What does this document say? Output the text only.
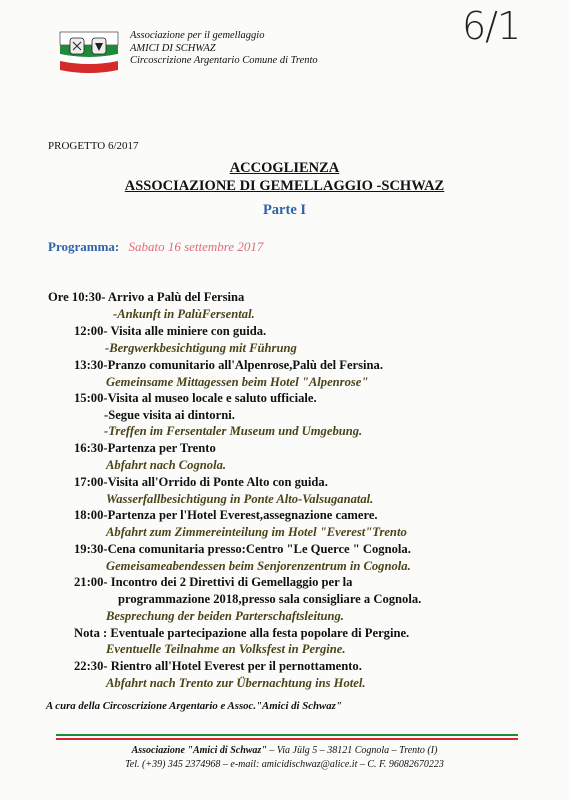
Associazione per il gemellaggio
AMICI DI SCHWAZ
Circoscrizione Argentario Comune di Trento
6/1
PROGETTO 6/2017
ACCOGLIENZA
ASSOCIAZIONE DI GEMELLAGGIO -SCHWAZ
Parte I
Programma: Sabato 16 settembre 2017
Ore 10:30- Arrivo a Palù del Fersina
-Ankunft in PalùFersental.
12:00- Visita alle miniere con guida.
-Bergwerkbesichtigung mit Führung
13:30-Pranzo comunitario all'Alpenrose,Palù del Fersina.
Gemeinsame Mittagessen beim Hotel "Alpenrose"
15:00-Visita al museo locale e saluto ufficiale.
-Segue visita ai dintorni.
-Treffen im Fersentaler Museum und Umgebung.
16:30-Partenza per Trento
Abfahrt nach Cognola.
17:00-Visita all'Orrido di Ponte Alto con guida.
Wasserfallbesichtigung in Ponte Alto-Valsuganatal.
18:00-Partenza per l'Hotel Everest,assegnazione camere.
Abfahrt zum Zimmereinteilung im Hotel "Everest"Trento
19:30-Cena comunitaria presso:Centro "Le Querce " Cognola.
Gemeisameabendessen beim Senjorenzentrum in Cognola.
21:00- Incontro dei 2 Direttivi di Gemellaggio per la
programmazione 2018,presso sala consigliare a Cognola.
Besprechung der beiden Parterschaftsleitung.
Nota : Eventuale partecipazione alla festa popolare di Pergine.
Eventuelle Teilnahme an Volksfest in Pergine.
22:30- Rientro all'Hotel Everest per il pernottamento.
Abfahrt nach Trento zur Übernachtung ins Hotel.
A cura della Circoscrizione Argentario e Assoc."Amici di Schwaz"
Associazione "Amici di Schwaz" – Via Jülg 5 – 38121 Cognola – Trento (I)
Tel. (+39) 345 2374968 – e-mail: amicidischwaz@alice.it – C. F. 96082670223
